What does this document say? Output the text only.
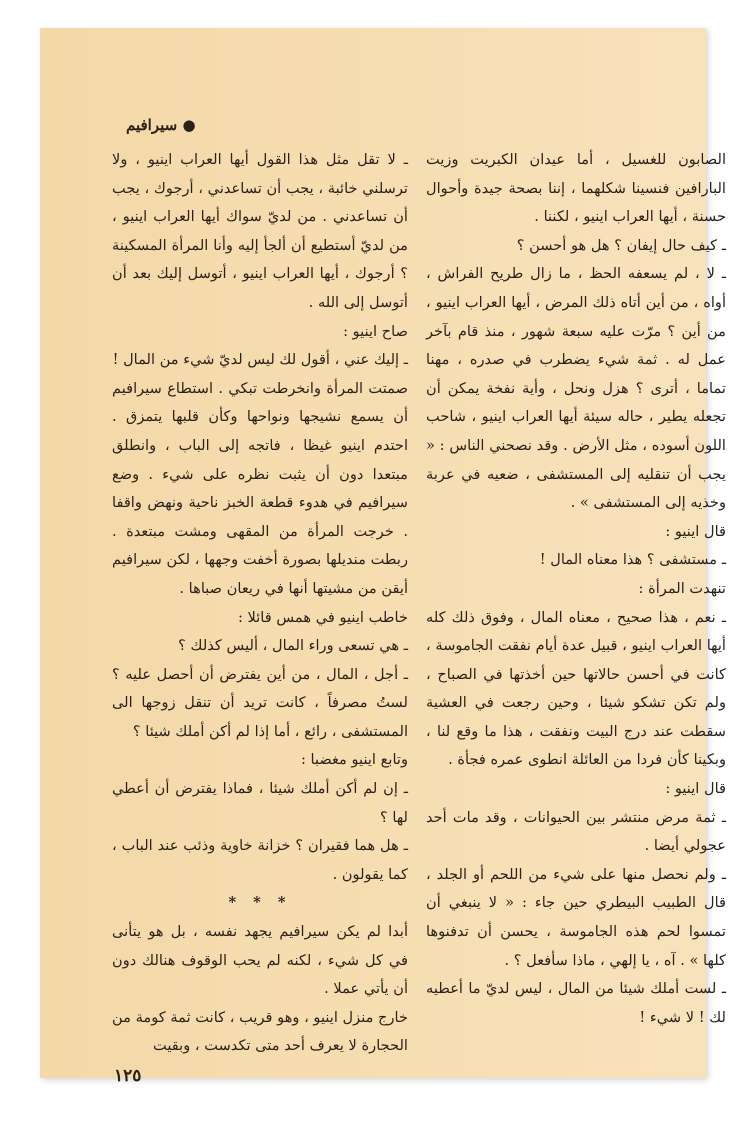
● سيرافيم

الصابون للغسيل ، أما عيدان الكبريت وزيت البارافين فنسينا شكلهما ، إننا بصحة جيدة وأحوال حسنة ، أيها العراب اينيو ، لكننا .

ـ كيف حال إيفان ؟ هل هو أحسن ؟

ـ لا ، لم يسعفه الحظ ، ما زال طريح الفراش ، أواه ، من أين أتاه ذلك المرض ، أيها العراب اينيو ، من أين ؟ مرّت عليه سبعة شهور ، منذ قام بآخر عمل له . ثمة شيء يضطرب في صدره ، مهنا تماما ، أترى ؟ هزل ونحل ، وأية نفخة يمكن أن تجعله يطير ، حاله سيئة أيها العراب اينيو ، شاحب اللون أسوده ، مثل الأرض . وقد نصحني الناس : « يجب أن تنقليه إلى المستشفى ، ضعيه في عربة وخذيه إلى المستشفى » .

قال اينيو :

ـ مستشفى ؟ هذا معناه المال !

تنهدت المرأة :

ـ نعم ، هذا صحيح ، معناه المال ، وفوق ذلك كله أيها العراب اينيو ، قبيل عدة أيام نفقت الجاموسة ، كانت في أحسن حالاتها حين أخذتها في الصباح ، ولم تكن تشكو شيئا ، وحين رجعت في العشية سقطت عند درج البيت ونفقت ، هذا ما وقع لنا ، وبكينا كأن فردا من العائلة انطوى عمره فجأة .

قال اينيو :

ـ ثمة مرض منتشر بين الحيوانات ، وقد مات أحد عجولي أيضا .

ـ ولم نحصل منها على شيء من اللحم أو الجلد ، قال الطبيب البيطري حين جاء : « لا ينبغي أن تمسوا لحم هذه الجاموسة ، يحسن أن تدفنوها كلها » . آه ، يا إلهي ، ماذا سأفعل ؟ .

ـ لست أملك شيئا من المال ، ليس لديّ ما أعطيه لك ! لا شيء !

ـ لا تقل مثل هذا القول أيها العراب اينيو ، ولا ترسلني خائبة ، يجب أن تساعدني ، أرجوك ، يجب أن تساعدني . من لديّ سواك أيها العراب اينيو ، من لديّ أستطيع أن ألجأ إليه وأنا المرأة المسكينة ؟ أرجوك ، أيها العراب اينيو ، أتوسل إليك بعد أن أتوسل إلى الله .

صاح اينيو :

ـ إليك عني ، أقول لك ليس لديّ شيء من المال !

صمتت المرأة وانخرطت تبكي . استطاع سيرافيم أن يسمع نشيجها ونواحها وكأن قلبها يتمزق . احتدم اينيو غيظا ، فاتجه إلى الباب ، وانطلق مبتعدا دون أن يثبت نظره على شيء . وضع سيرافيم في هدوء قطعة الخبز ناحية ونهض واقفا . خرجت المرأة من المقهى ومشت مبتعدة . ربطت منديلها بصورة أخفت وجهها ، لكن سيرافيم أيقن من مشيتها أنها في ريعان صباها .

خاطب اينيو في همس قائلا :

ـ هي تسعى وراء المال ، أليس كذلك ؟

ـ أجل ، المال ، من أين يفترض أن أحصل عليه ؟ لستُ مصرفاً ، كانت تريد أن تنقل زوجها الى المستشفى ، رائع ، أما إذا لم أكن أملك شيئا ؟

وتابع اينيو مغضبا :

ـ إن لم أكن أملك شيئا ، فماذا يفترض أن أعطي لها ؟

ـ هل هما فقيران ؟ خزانة خاوية وذئب عند الباب ، كما يقولون .

* * *

أبدا لم يكن سيرافيم يجهد نفسه ، بل هو يتأنى في كل شيء ، لكنه لم يحب الوقوف هنالك دون أن يأتي عملا .

خارج منزل اينيو ، وهو قريب ، كانت ثمة كومة من الحجارة لا يعرف أحد متى تكدست ، وبقيت

١٢٥
